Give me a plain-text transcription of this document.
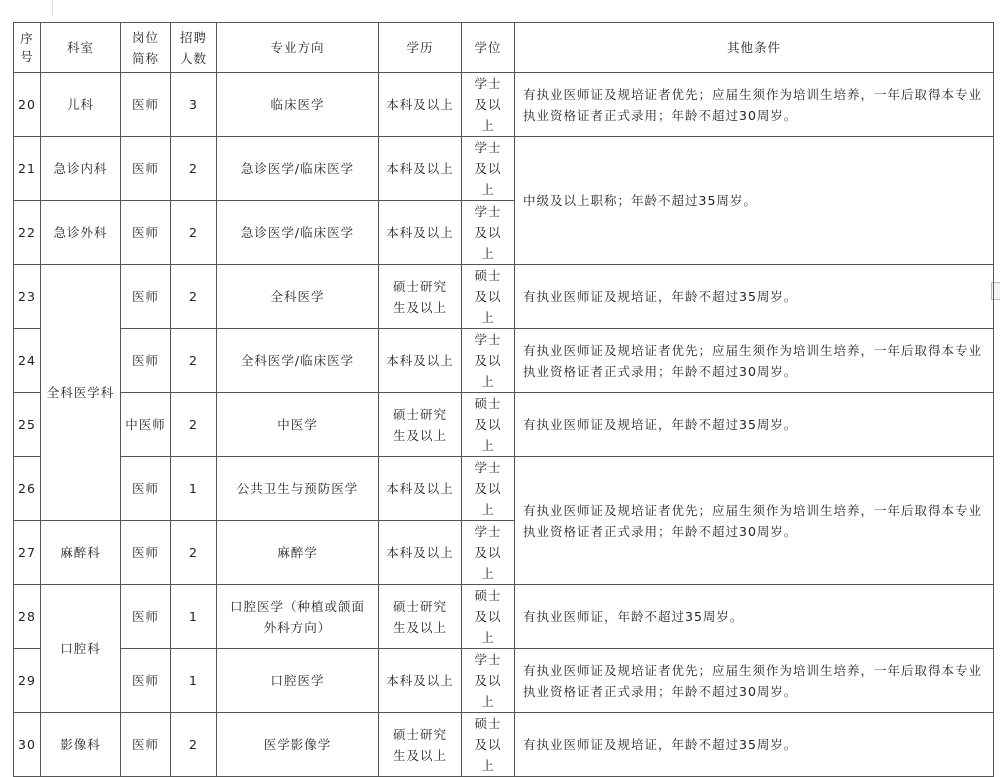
序号	科室	岗位简称	招聘人数	专业方向	学历	学位	其他条件
20	儿科	医师	3	临床医学	本科及以上	学士及以上	有执业医师证及规培证者优先；应届生须作为培训生培养，一年后取得本专业执业资格证者正式录用；年龄不超过30周岁。
21	急诊内科	医师	2	急诊医学/临床医学	本科及以上	学士及以上	中级及以上职称；年龄不超过35周岁。
22	急诊外科	医师	2	急诊医学/临床医学	本科及以上	学士及以上	
23	全科医学科	医师	2	全科医学	硕士研究生及以上	硕士及以上	有执业医师证及规培证，年龄不超过35周岁。
24		医师	2	全科医学/临床医学	本科及以上	学士及以上	有执业医师证及规培证者优先；应届生须作为培训生培养，一年后取得本专业执业资格证者正式录用；年龄不超过30周岁。
25		中医师	2	中医学	硕士研究生及以上	硕士及以上	有执业医师证及规培证，年龄不超过35周岁。
26		医师	1	公共卫生与预防医学	本科及以上	学士及以上	有执业医师证及规培证者优先；应届生须作为培训生培养，一年后取得本专业执业资格证者正式录用；年龄不超过30周岁。
27	麻醉科	医师	2	麻醉学	本科及以上	学士及以上	
28	口腔科	医师	1	口腔医学（种植或颌面外科方向）	硕士研究生及以上	硕士及以上	有执业医师证，年龄不超过35周岁。
29		医师	1	口腔医学	本科及以上	学士及以上	有执业医师证及规培证者优先；应届生须作为培训生培养，一年后取得本专业执业资格证者正式录用；年龄不超过30周岁。
30	影像科	医师	2	医学影像学	硕士研究生及以上	硕士及以上	有执业医师证及规培证，年龄不超过35周岁。
